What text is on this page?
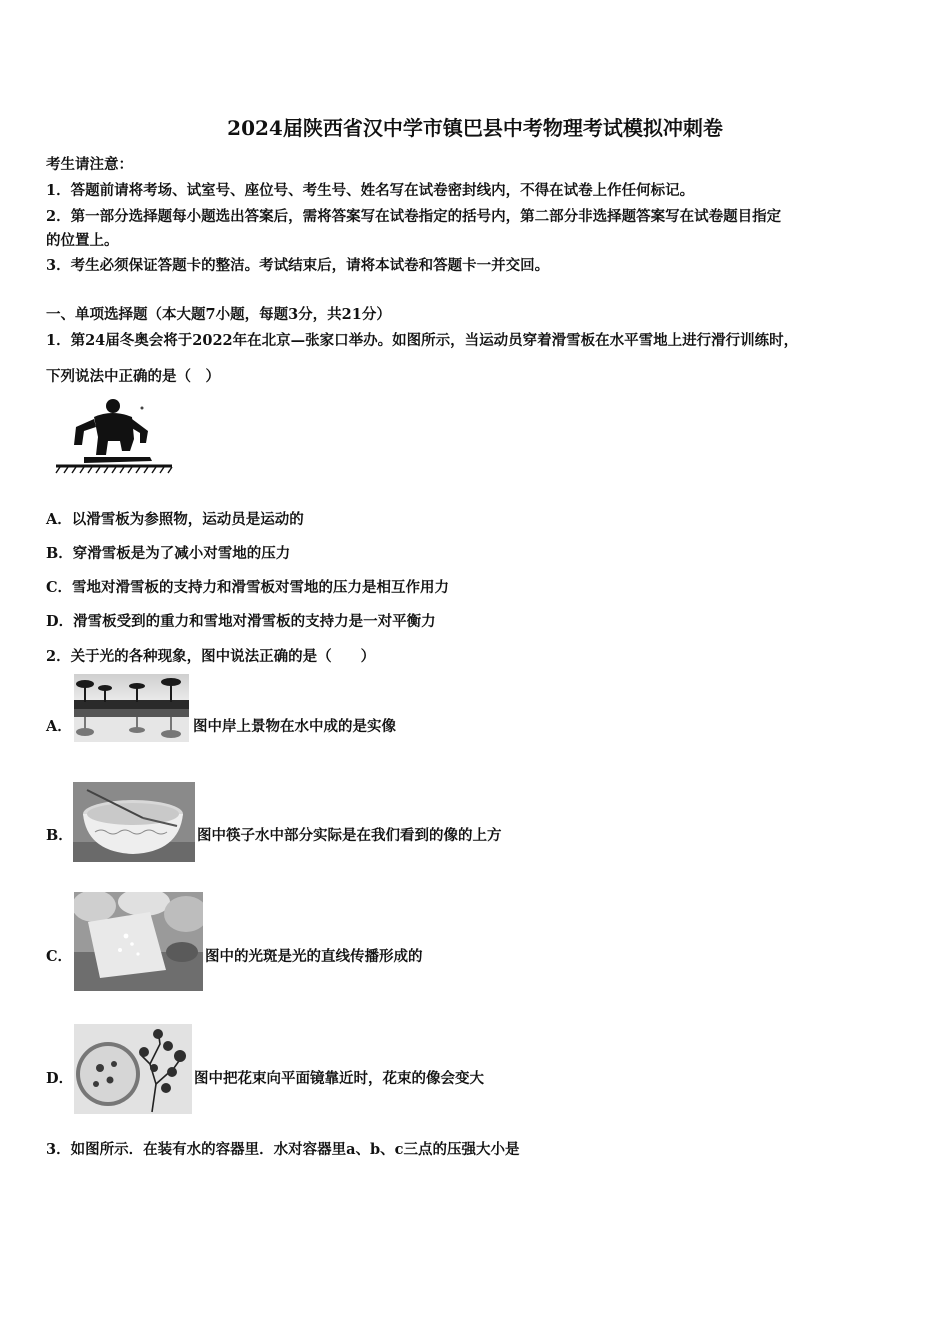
2024届陕西省汉中学市镇巴县中考物理考试模拟冲刺卷
考生请注意：
1．答题前请将考场、试室号、座位号、考生号、姓名写在试卷密封线内，不得在试卷上作任何标记。
2．第一部分选择题每小题选出答案后，需将答案写在试卷指定的括号内，第二部分非选择题答案写在试卷题目指定
的位置上。
3．考生必须保证答题卡的整洁。考试结束后，请将本试卷和答题卡一并交回。
一、单项选择题（本大题7小题，每题3分，共21分）
1．第24届冬奥会将于2022年在北京—张家口举办。如图所示，当运动员穿着滑雪板在水平雪地上进行滑行训练时，
下列说法中正确的是（　）
A．以滑雪板为参照物，运动员是运动的
B．穿滑雪板是为了减小对雪地的压力
C．雪地对滑雪板的支持力和滑雪板对雪地的压力是相互作用力
D．滑雪板受到的重力和雪地对滑雪板的支持力是一对平衡力
2．关于光的各种现象，图中说法正确的是（　　）
A．	图中岸上景物在水中成的是实像
B．	图中筷子水中部分实际是在我们看到的像的上方
C．	图中的光斑是光的直线传播形成的
D．	图中把花束向平面镜靠近时，花束的像会变大
3．如图所示．在装有水的容器里．水对容器里a、b、c三点的压强大小是
